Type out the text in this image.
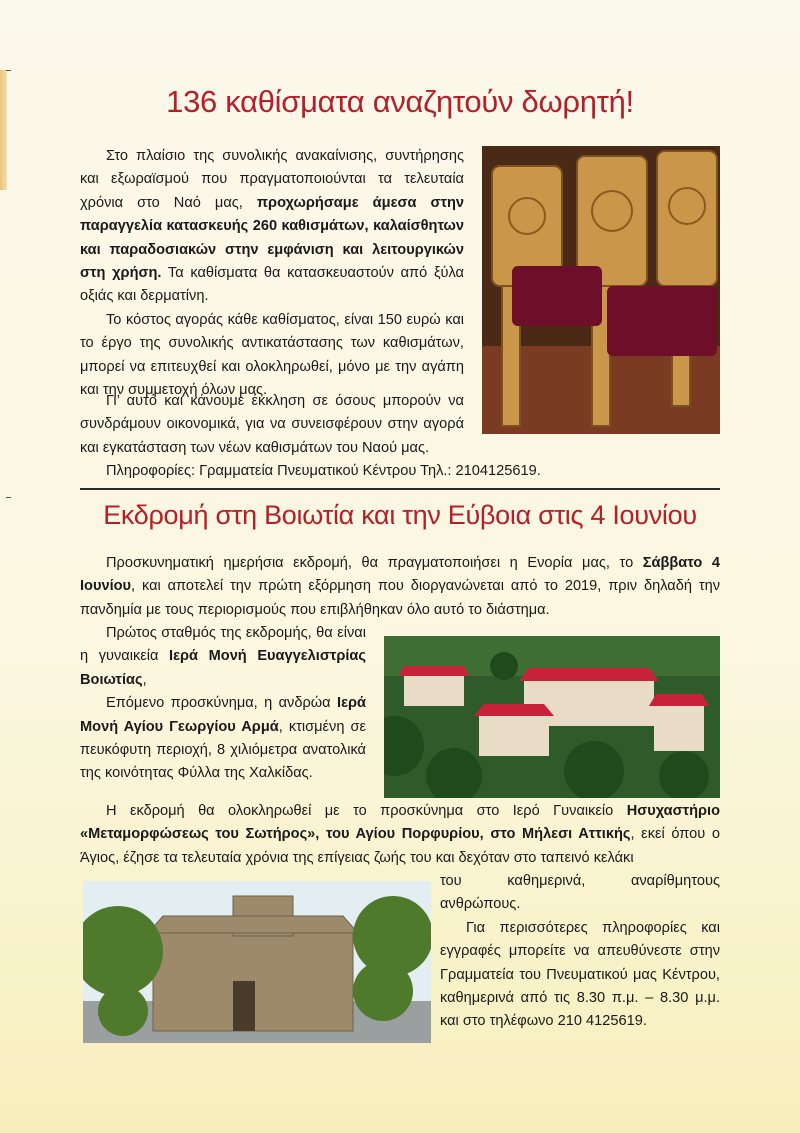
136 καθίσματα αναζητούν δωρητή!

Στο πλαίσιο της συνολικής ανακαίνισης, συντήρησης και εξωραϊσμού που πραγματοποιούνται τα τελευταία χρόνια στο Ναό μας, προχωρήσαμε άμεσα στην παραγγελία κατασκευής 260 καθισμάτων, καλαίσθητων και παραδοσιακών στην εμφάνιση και λειτουργικών στη χρήση. Τα καθίσματα θα κατασκευαστούν από ξύλα οξιάς και δερματίνη.

Το κόστος αγοράς κάθε καθίσματος, είναι 150 ευρώ και το έργο της συνολικής αντικατάστασης των καθισμάτων, μπορεί να επιτευχθεί και ολοκληρωθεί, μόνο με την αγάπη και την συμμετοχή όλων μας.

Γι’ αυτό και κάνουμε έκκληση σε όσους μπορούν να συνδράμουν οικονομικά, για να συνεισφέρουν στην αγορά και εγκατάσταση των νέων καθισμάτων του Ναού μας.

Πληροφορίες: Γραμματεία Πνευματικού Κέντρου Τηλ.: 2104125619.

Εκδρομή στη Βοιωτία και την Εύβοια στις 4 Ιουνίου

Προσκυνηματική ημερήσια εκδρομή, θα πραγματοποιήσει η Ενορία μας, το Σάββατο 4 Ιουνίου, και αποτελεί την πρώτη εξόρμηση που διοργανώνεται από το 2019, πριν δηλαδή την πανδημία με τους περιορισμούς που επιβλήθηκαν όλο αυτό το διάστημα.

Πρώτος σταθμός της εκδρομής, θα είναι η γυναικεία Ιερά Μονή Ευαγγελιστρίας Βοιωτίας,

Επόμενο προσκύνημα, η ανδρώα Ιερά Μονή Αγίου Γεωργίου Αρμά, κτισμένη σε πευκόφυτη περιοχή, 8 χιλιόμετρα ανατολικά της κοινότητας Φύλλα της Χαλκίδας.

Η εκδρομή θα ολοκληρωθεί με το προσκύνημα στο Ιερό Γυναικείο Ησυχαστήριο «Μεταμορφώσεως του Σωτήρος», του Αγίου Πορφυρίου, στο Μήλεσι Αττικής, εκεί όπου ο Άγιος, έζησε τα τελευταία χρόνια της επίγειας ζωής του και δεχόταν στο ταπεινό κελάκι

του καθημερινά, αναρίθμητους ανθρώπους.

Για περισσότερες πληροφορίες και εγγραφές μπορείτε να απευθύνεστε στην Γραμματεία του Πνευματικού μας Κέντρου, καθημερινά από τις 8.30 π.μ. – 8.30 μ.μ. και στο τηλέφωνο 210 4125619.
